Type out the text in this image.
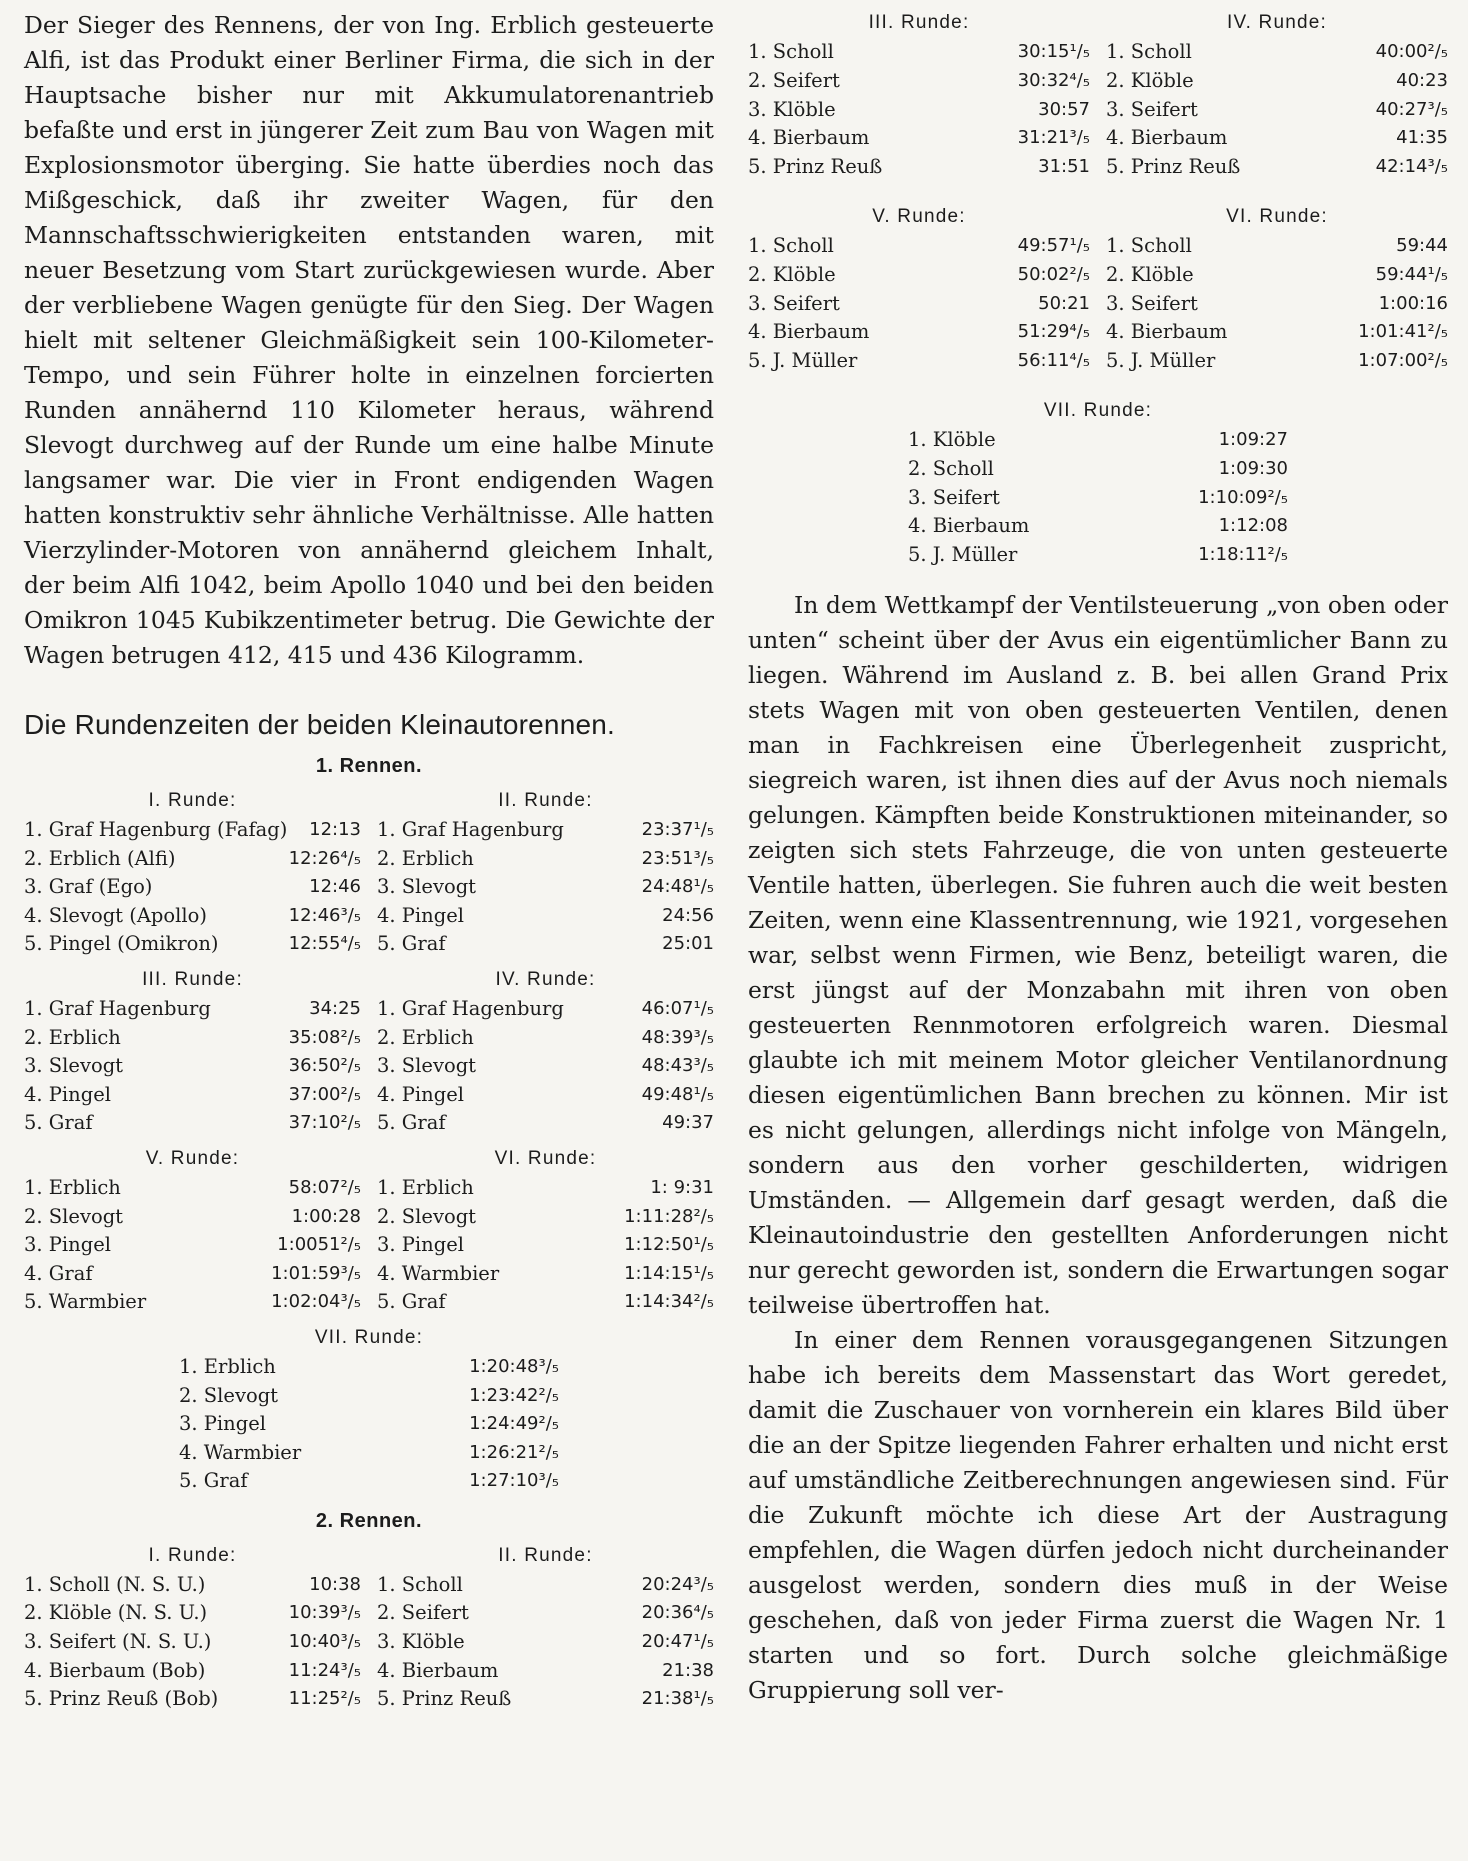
Der Sieger des Rennens, der von Ing. Erblich gesteuerte Alfi, ist das Produkt einer Berliner Firma, die sich in der Hauptsache bisher nur mit Akkumulatorenantrieb befaßte und erst in jüngerer Zeit zum Bau von Wagen mit Explosionsmotor überging. Sie hatte überdies noch das Mißgeschick, daß ihr zweiter Wagen, für den Mannschaftsschwierigkeiten entstanden waren, mit neuer Besetzung vom Start zurückgewiesen wurde. Aber der verbliebene Wagen genügte für den Sieg. Der Wagen hielt mit seltener Gleichmäßigkeit sein 100-Kilometer-Tempo, und sein Führer holte in einzelnen forcierten Runden annähernd 110 Kilometer heraus, während Slevogt durchweg auf der Runde um eine halbe Minute langsamer war. Die vier in Front endigenden Wagen hatten konstruktiv sehr ähnliche Verhältnisse. Alle hatten Vierzylinder-Motoren von annähernd gleichem Inhalt, der beim Alfi 1042, beim Apollo 1040 und bei den beiden Omikron 1045 Kubikzentimeter betrug. Die Gewichte der Wagen betrugen 412, 415 und 436 Kilogramm.

Die Rundenzeiten der beiden Kleinautorennen.
1. Rennen.
I. Runde:
1. Graf Hagenburg (Fafag) 12:13
2. Erblich (Alfi)	12:26⁴/₅
3. Graf (Ego)	12:46
4. Slevogt (Apollo)	12:46³/₅
5. Pingel (Omikron)	12:55⁴/₅
II. Runde:
1. Graf Hagenburg	23:37¹/₅
2. Erblich	23:51³/₅
3. Slevogt	24:48¹/₅
4. Pingel	24:56
5. Graf	25:01
III. Runde:
1. Graf Hagenburg	34:25
2. Erblich	35:08²/₅
3. Slevogt	36:50²/₅
4. Pingel	37:00²/₅
5. Graf	37:10²/₅
IV. Runde:
1. Graf Hagenburg	46:07¹/₅
2. Erblich	48:39³/₅
3. Slevogt	48:43³/₅
4. Pingel	49:48¹/₅
5. Graf	49:37
V. Runde:
1. Erblich	58:07²/₅
2. Slevogt	1:00:28
3. Pingel	1:0051²/₅
4. Graf	1:01:59³/₅
5. Warmbier	1:02:04³/₅
VI. Runde:
1. Erblich	1: 9:31
2. Slevogt	1:11:28²/₅
3. Pingel	1:12:50¹/₅
4. Warmbier	1:14:15¹/₅
5. Graf	1:14:34²/₅
VII. Runde:
1. Erblich	1:20:48³/₅
2. Slevogt	1:23:42²/₅
3. Pingel	1:24:49²/₅
4. Warmbier	1:26:21²/₅
5. Graf	1:27:10³/₅
2. Rennen.
I. Runde:
1. Scholl (N. S. U.)	10:38
2. Klöble (N. S. U.)	10:39³/₅
3. Seifert (N. S. U.)	10:40³/₅
4. Bierbaum (Bob)	11:24³/₅
5. Prinz Reuß (Bob)	11:25²/₅
II. Runde:
1. Scholl	20:24³/₅
2. Seifert	20:36⁴/₅
3. Klöble	20:47¹/₅
4. Bierbaum	21:38
5. Prinz Reuß	21:38¹/₅
III. Runde:
1. Scholl	30:15¹/₅
2. Seifert	30:32⁴/₅
3. Klöble	30:57
4. Bierbaum	31:21³/₅
5. Prinz Reuß	31:51
IV. Runde:
1. Scholl	40:00²/₅
2. Klöble	40:23
3. Seifert	40:27³/₅
4. Bierbaum	41:35
5. Prinz Reuß	42:14³/₅
V. Runde:
1. Scholl	49:57¹/₅
2. Klöble	50:02²/₅
3. Seifert	50:21
4. Bierbaum	51:29⁴/₅
5. J. Müller	56:11⁴/₅
VI. Runde:
1. Scholl	59:44
2. Klöble	59:44¹/₅
3. Seifert	1:00:16
4. Bierbaum	1:01:41²/₅
5. J. Müller	1:07:00²/₅
VII. Runde:
1. Klöble	1:09:27
2. Scholl	1:09:30
3. Seifert	1:10:09²/₅
4. Bierbaum	1:12:08
5. J. Müller	1:18:11²/₅

In dem Wettkampf der Ventilsteuerung „von oben oder unten“ scheint über der Avus ein eigentümlicher Bann zu liegen. Während im Ausland z. B. bei allen Grand Prix stets Wagen mit von oben gesteuerten Ventilen, denen man in Fachkreisen eine Überlegenheit zuspricht, siegreich waren, ist ihnen dies auf der Avus noch niemals gelungen. Kämpften beide Konstruktionen miteinander, so zeigten sich stets Fahrzeuge, die von unten gesteuerte Ventile hatten, überlegen. Sie fuhren auch die weit besten Zeiten, wenn eine Klassentrennung, wie 1921, vorgesehen war, selbst wenn Firmen, wie Benz, beteiligt waren, die erst jüngst auf der Monzabahn mit ihren von oben gesteuerten Rennmotoren erfolgreich waren. Diesmal glaubte ich mit meinem Motor gleicher Ventilanordnung diesen eigentümlichen Bann brechen zu können. Mir ist es nicht gelungen, allerdings nicht infolge von Mängeln, sondern aus den vorher geschilderten, widrigen Umständen. — Allgemein darf gesagt werden, daß die Kleinautoindustrie den gestellten Anforderungen nicht nur gerecht geworden ist, sondern die Erwartungen sogar teilweise übertroffen hat.

In einer dem Rennen vorausgegangenen Sitzungen habe ich bereits dem Massenstart das Wort geredet, damit die Zuschauer von vornherein ein klares Bild über die an der Spitze liegenden Fahrer erhalten und nicht erst auf umständliche Zeitberechnungen angewiesen sind. Für die Zukunft möchte ich diese Art der Austragung empfehlen, die Wagen dürfen jedoch nicht durcheinander ausgelost werden, sondern dies muß in der Weise geschehen, daß von jeder Firma zuerst die Wagen Nr. 1 starten und so fort. Durch solche gleichmäßige Gruppierung soll ver-
